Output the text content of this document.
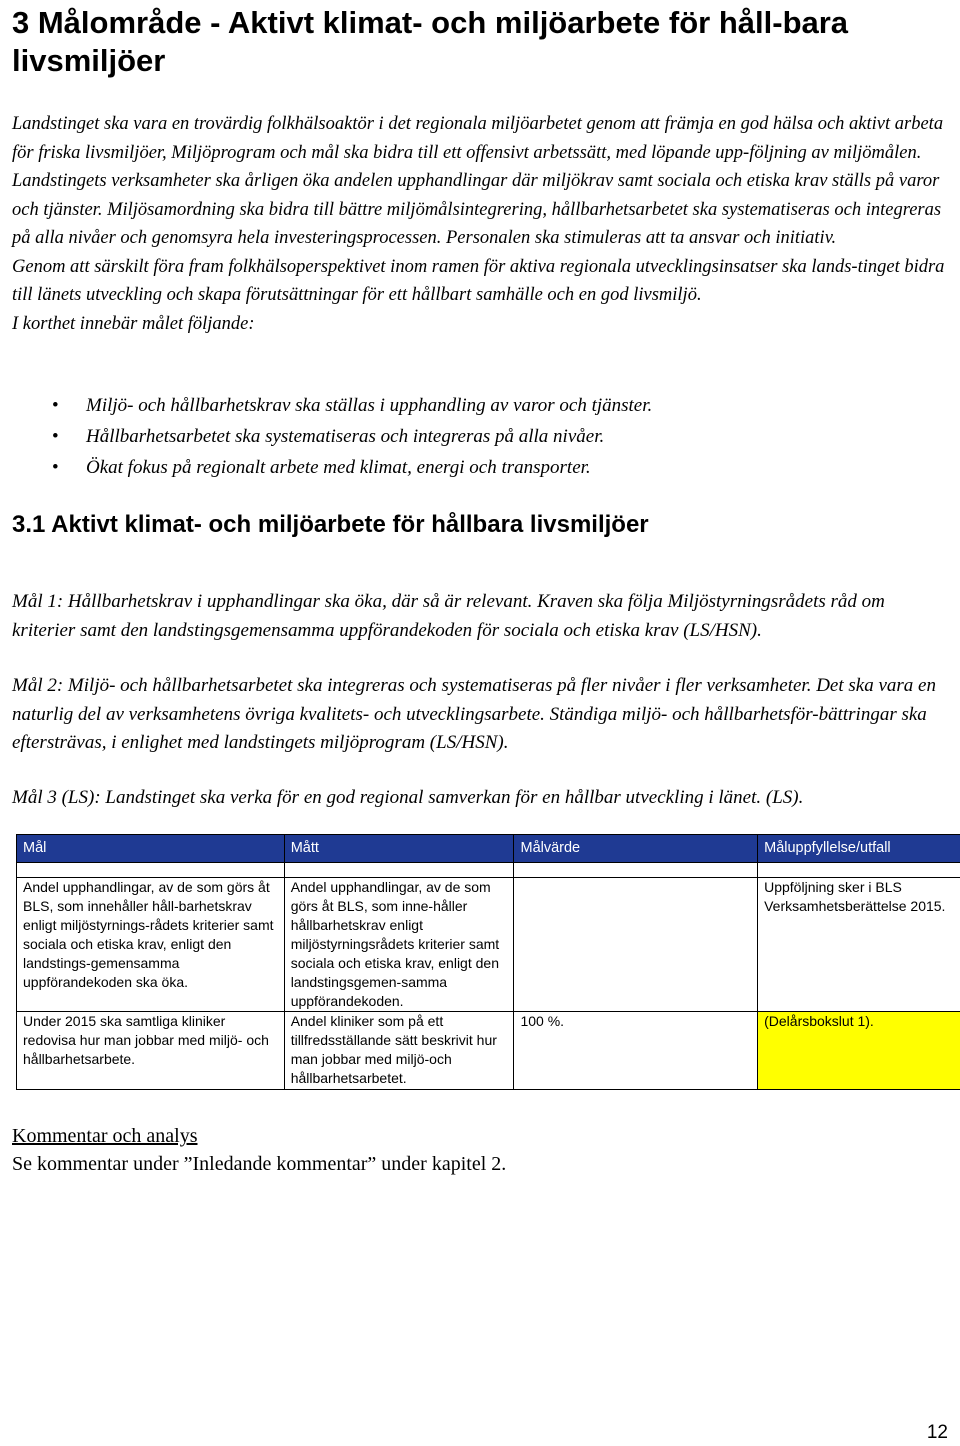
3 Målområde - Aktivt klimat- och miljöarbete för håll-bara livsmiljöer

Landstinget ska vara en trovärdig folkhälsoaktör i det regionala miljöarbetet genom att främja en god hälsa och aktivt arbeta för friska livsmiljöer, Miljöprogram och mål ska bidra till ett offensivt arbetssätt, med löpande upp-följning av miljömålen.

Landstingets verksamheter ska årligen öka andelen upphandlingar där miljökrav samt sociala och etiska krav ställs på varor och tjänster. Miljösamordning ska bidra till bättre miljömålsintegrering, hållbarhetsarbetet ska systematiseras och integreras på alla nivåer och genomsyra hela investeringsprocessen. Personalen ska stimuleras att ta ansvar och initiativ.

Genom att särskilt föra fram folkhälsoperspektivet inom ramen för aktiva regionala utvecklingsinsatser ska lands-tinget bidra till länets utveckling och skapa förutsättningar för ett hållbart samhälle och en god livsmiljö.

I korthet innebär målet följande:

• Miljö- och hållbarhetskrav ska ställas i upphandling av varor och tjänster.
• Hållbarhetsarbetet ska systematiseras och integreras på alla nivåer.
• Ökat fokus på regionalt arbete med klimat, energi och transporter.
3.1 Aktivt klimat- och miljöarbete för hållbara livsmiljöer

Mål 1: Hållbarhetskrav i upphandlingar ska öka, där så är relevant. Kraven ska följa Miljöstyrningsrådets råd om kriterier samt den landstingsgemensamma uppförandekoden för sociala och etiska krav (LS/HSN).

Mål 2: Miljö- och hållbarhetsarbetet ska integreras och systematiseras på fler nivåer i fler verksamheter. Det ska vara en naturlig del av verksamhetens övriga kvalitets- och utvecklingsarbete. Ständiga miljö- och hållbarhetsför-bättringar ska eftersträvas, i enlighet med landstingets miljöprogram (LS/HSN).

Mål 3 (LS): Landstinget ska verka för en god regional samverkan för en hållbar utveckling i länet. (LS).

Mål	Mått	Målvärde	Måluppfyllelse/utfall

Andel upphandlingar, av de som görs åt BLS, som innehåller håll-barhetskrav enligt miljöstyrnings-rådets kriterier samt sociala och etiska krav, enligt den landstings-gemensamma uppförandekoden ska öka.	Andel upphandlingar, av de som görs åt BLS, som inne-håller hållbarhetskrav enligt miljöstyrningsrådets kriterier samt sociala och etiska krav, enligt den landstingsgemen-samma uppförandekoden.		Uppföljning sker i BLS Verksamhetsberättelse 2015.
Under 2015 ska samtliga kliniker redovisa hur man jobbar med miljö- och hållbarhetsarbete.	Andel kliniker som på ett tillfredsställande sätt beskrivit hur man jobbar med miljö-och hållbarhetsarbetet.	100 %.	(Delårsbokslut 1).
Kommentar och analys
Se kommentar under ”Inledande kommentar” under kapitel 2.
12
